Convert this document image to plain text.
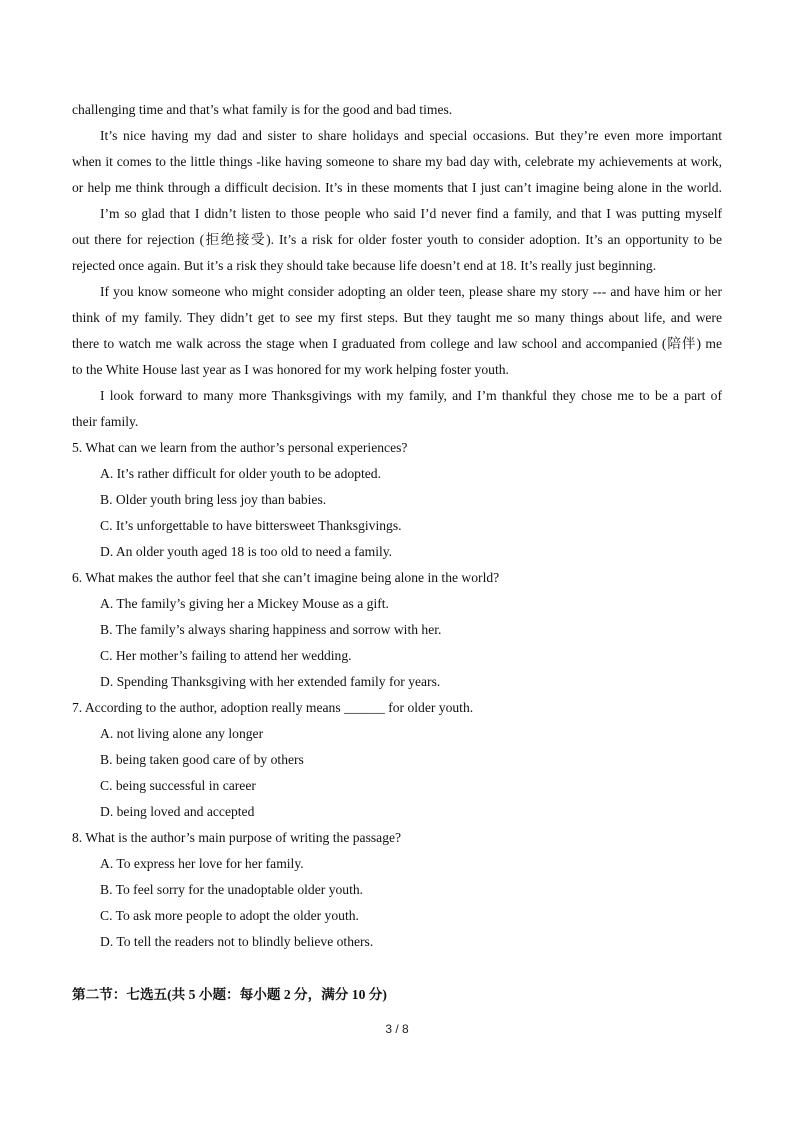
challenging time and that’s what family is for the good and bad times.
It’s nice having my dad and sister to share holidays and special occasions. But they’re even more important
when it comes to the little things -like having someone to share my bad day with, celebrate my achievements at work,
or help me think through a difficult decision. It’s in these moments that I just can’t imagine being alone in the world.
I’m so glad that I didn’t listen to those people who said I’d never find a family, and that I was putting myself
out there for rejection (拒绝接受). It’s a risk for older foster youth to consider adoption. It’s an opportunity to be
rejected once again. But it’s a risk they should take because life doesn’t end at 18. It’s really just beginning.
If you know someone who might consider adopting an older teen, please share my story --- and have him or her
think of my family. They didn’t get to see my first steps. But they taught me so many things about life, and were
there to watch me walk across the stage when I graduated from college and law school and accompanied (陪伴) me
to the White House last year as I was honored for my work helping foster youth.
I look forward to many more Thanksgivings with my family, and I’m thankful they chose me to be a part of
their family.
5. What can we learn from the author’s personal experiences?
A. It’s rather difficult for older youth to be adopted.
B. Older youth bring less joy than babies.
C. It’s unforgettable to have bittersweet Thanksgivings.
D. An older youth aged 18 is too old to need a family.
6. What makes the author feel that she can’t imagine being alone in the world?
A. The family’s giving her a Mickey Mouse as a gift.
B. The family’s always sharing happiness and sorrow with her.
C. Her mother’s failing to attend her wedding.
D. Spending Thanksgiving with her extended family for years.
7. According to the author, adoption really means ______ for older youth.
A. not living alone any longer
B. being taken good care of by others
C. being successful in career
D. being loved and accepted
8. What is the author’s main purpose of writing the passage?
A. To express her love for her family.
B. To feel sorry for the unadoptable older youth.
C. To ask more people to adopt the older youth.
D. To tell the readers not to blindly believe others.
第二节：七选五(共 5 小题：每小题 2 分，满分 10 分)
3 / 8
